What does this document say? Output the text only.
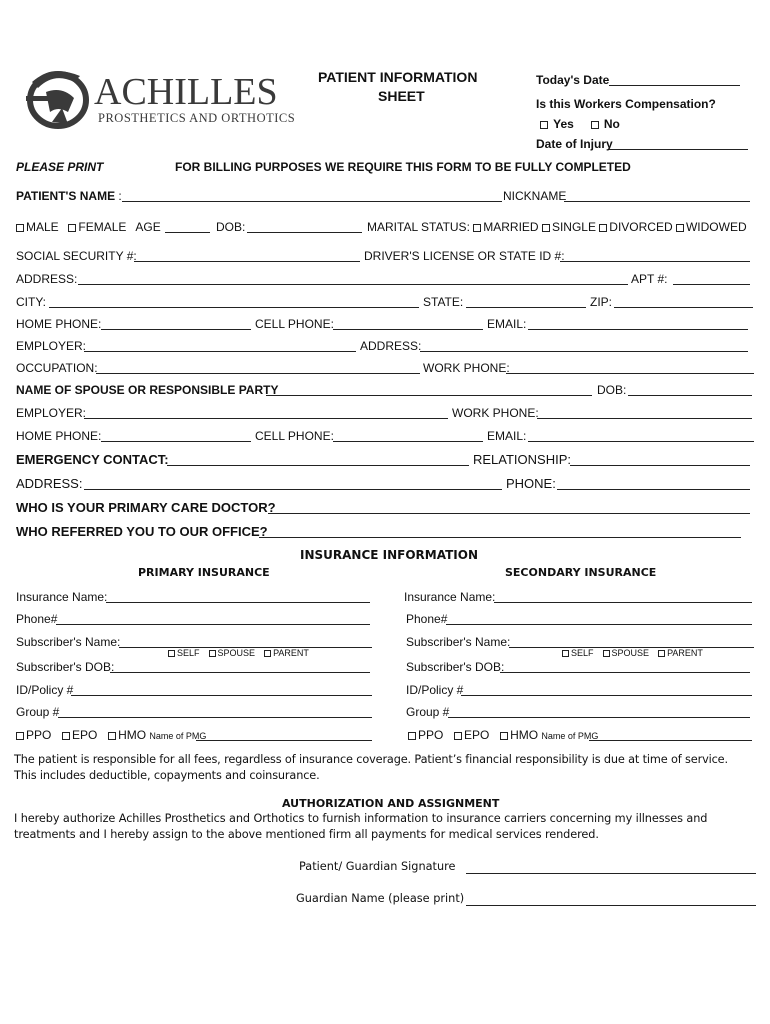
ACHILLES
PROSTHETICS AND ORTHOTICS
PATIENT INFORMATION
SHEET
Today's Date
Is this Workers Compensation?
Yes	No
Date of Injury
PLEASE PRINT	FOR BILLING PURPOSES WE REQUIRE THIS FORM TO BE FULLY COMPLETED
PATIENT'S NAME :	NICKNAME
MALE FEMALE AGE	DOB:	MARITAL STATUS: MARRIED SINGLE DIVORCED WIDOWED
SOCIAL SECURITY #:	DRIVER'S LICENSE OR STATE ID #:
ADDRESS:	APT #:
CITY:	STATE:	ZIP:
HOME PHONE:	CELL PHONE:	EMAIL:
EMPLOYER:	ADDRESS:
OCCUPATION:	WORK PHONE:
NAME OF SPOUSE OR RESPONSIBLE PARTY	DOB:
EMPLOYER:	WORK PHONE:
HOME PHONE:	CELL PHONE:	EMAIL:
EMERGENCY CONTACT:	RELATIONSHIP:
ADDRESS:	PHONE:
WHO IS YOUR PRIMARY CARE DOCTOR?
WHO REFERRED YOU TO OUR OFFICE?
INSURANCE INFORMATION
PRIMARY INSURANCE	SECONDARY INSURANCE
Insurance Name:
Phone#
Subscriber's Name:
SELF SPOUSE PARENT
Subscriber's DOB:
ID/Policy #
Group #
PPO EPO HMO Name of PMG
Insurance Name:
Phone#
Subscriber's Name:
SELF SPOUSE PARENT
Subscriber's DOB:
ID/Policy #
Group #
PPO EPO HMO Name of PMG
The patient is responsible for all fees, regardless of insurance coverage. Patient’s financial responsibility is due at time of service.
This includes deductible, copayments and coinsurance.
AUTHORIZATION AND ASSIGNMENT
I hereby authorize Achilles Prosthetics and Orthotics to furnish information to insurance carriers concerning my illnesses and
treatments and I hereby assign to the above mentioned firm all payments for medical services rendered.
Patient/ Guardian Signature
Guardian Name (please print)
